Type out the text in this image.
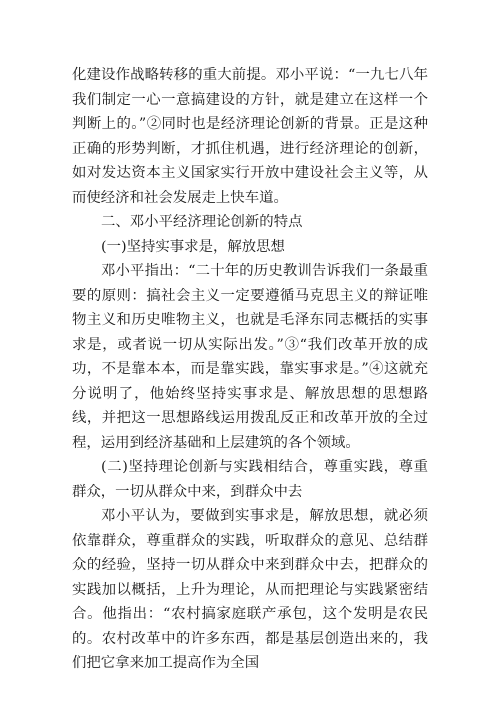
化建设作战略转移的重大前提。邓小平说：“一九七八年我们制定一心一意搞建设的方针，就是建立在这样一个判断上的。”②同时也是经济理论创新的背景。正是这种正确的形势判断，才抓住机遇，进行经济理论的创新，如对发达资本主义国家实行开放中建设社会主义等，从而使经济和社会发展走上快车道。

二、邓小平经济理论创新的特点

(一)坚持实事求是，解放思想

邓小平指出：“二十年的历史教训告诉我们一条最重要的原则：搞社会主义一定要遵循马克思主义的辩证唯物主义和历史唯物主义，也就是毛泽东同志概括的实事求是，或者说一切从实际出发。”③“我们改革开放的成功，不是靠本本，而是靠实践，靠实事求是。”④这就充分说明了，他始终坚持实事求是、解放思想的思想路线，并把这一思想路线运用拨乱反正和改革开放的全过程，运用到经济基础和上层建筑的各个领域。

(二)坚持理论创新与实践相结合，尊重实践，尊重群众，一切从群众中来，到群众中去

邓小平认为，要做到实事求是，解放思想，就必须依靠群众，尊重群众的实践，听取群众的意见、总结群众的经验，坚持一切从群众中来到群众中去，把群众的实践加以概括，上升为理论，从而把理论与实践紧密结合。他指出：“农村搞家庭联产承包，这个发明是农民的。农村改革中的许多东西，都是基层创造出来的，我们把它拿来加工提高作为全国
